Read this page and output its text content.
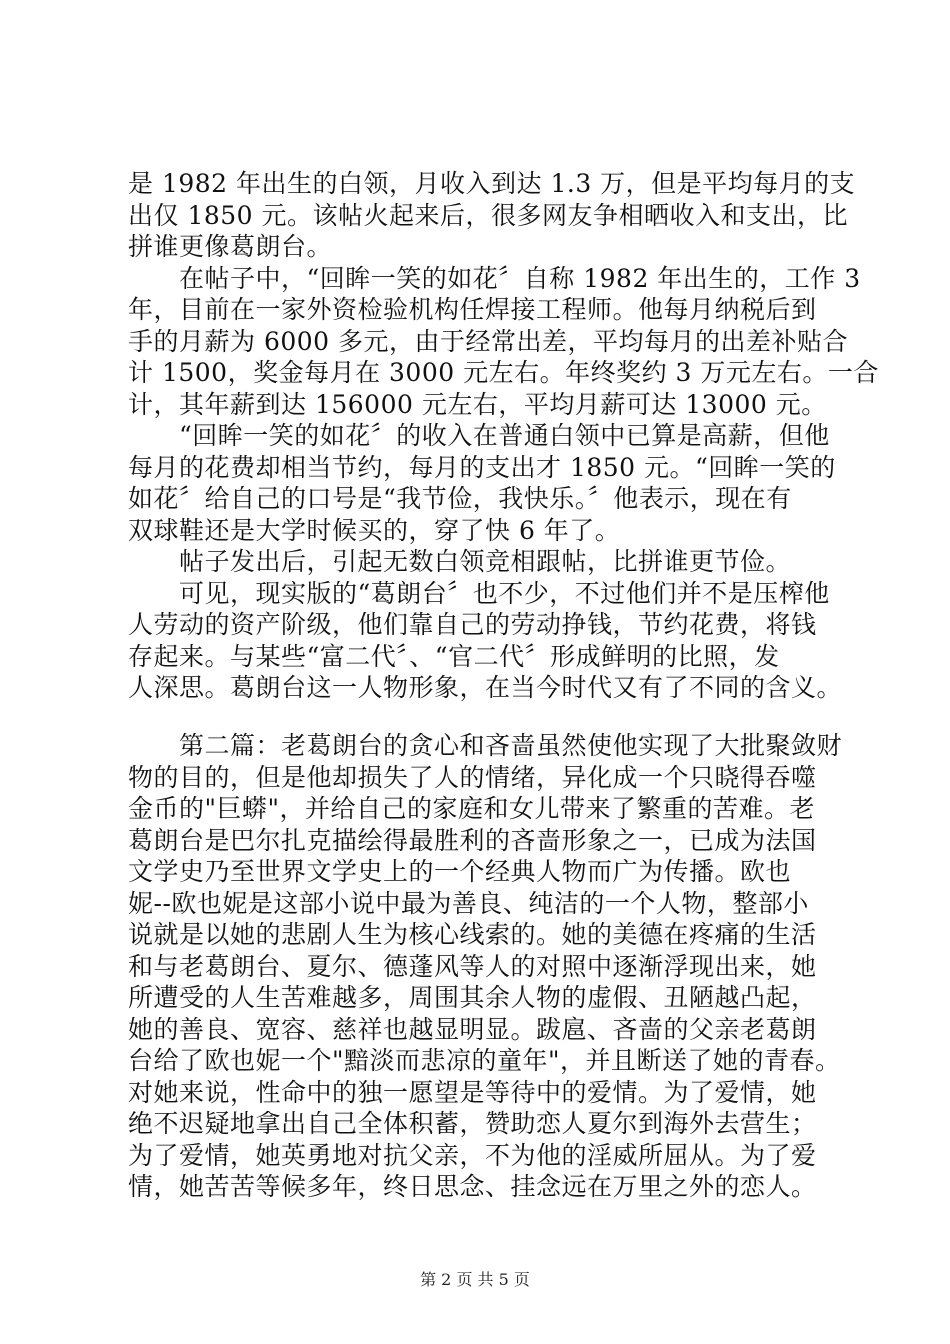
是 1982 年出生的白领，月收入到达 1.3 万，但是平均每月的支

出仅 1850 元。该帖火起来后，很多网友争相晒收入和支出，比

拼谁更像葛朗台。

　　在帖子中，“回眸一笑的如花〞自称 1982 年出生的，工作 3

年，目前在一家外资检验机构任焊接工程师。他每月纳税后到

手的月薪为 6000 多元，由于经常出差，平均每月的出差补贴合

计 1500，奖金每月在 3000 元左右。年终奖约 3 万元左右。一合

计，其年薪到达 156000 元左右，平均月薪可达 13000 元。

　　“回眸一笑的如花〞的收入在普通白领中已算是高薪，但他

每月的花费却相当节约，每月的支出才 1850 元。“回眸一笑的

如花〞给自己的口号是“我节俭，我快乐。〞他表示，现在有

双球鞋还是大学时候买的，穿了快 6 年了。

　　帖子发出后，引起无数白领竞相跟帖，比拼谁更节俭。

　　可见，现实版的“葛朗台〞也不少，不过他们并不是压榨他

人劳动的资产阶级，他们靠自己的劳动挣钱，节约花费，将钱

存起来。与某些“富二代〞、“官二代〞形成鲜明的比照，发

人深思。葛朗台这一人物形象，在当今时代又有了不同的含义。

　　第二篇：老葛朗台的贪心和吝啬虽然使他实现了大批聚敛财

物的目的，但是他却损失了人的情绪，异化成一个只晓得吞噬

金币的"巨蟒"，并给自己的家庭和女儿带来了繁重的苦难。老

葛朗台是巴尔扎克描绘得最胜利的吝啬形象之一，已成为法国

文学史乃至世界文学史上的一个经典人物而广为传播。欧也

妮--欧也妮是这部小说中最为善良、纯洁的一个人物，整部小

说就是以她的悲剧人生为核心线索的。她的美德在疼痛的生活

和与老葛朗台、夏尔、德蓬风等人的对照中逐渐浮现出来，她

所遭受的人生苦难越多，周围其余人物的虚假、丑陋越凸起，

她的善良、宽容、慈祥也越显明显。跋扈、吝啬的父亲老葛朗

台给了欧也妮一个"黯淡而悲凉的童年"，并且断送了她的青春。

对她来说，性命中的独一愿望是等待中的爱情。为了爱情，她

绝不迟疑地拿出自己全体积蓄，赞助恋人夏尔到海外去营生；

为了爱情，她英勇地对抗父亲，不为他的淫威所屈从。为了爱

情，她苦苦等候多年，终日思念、挂念远在万里之外的恋人。

第 2 页 共 5 页
